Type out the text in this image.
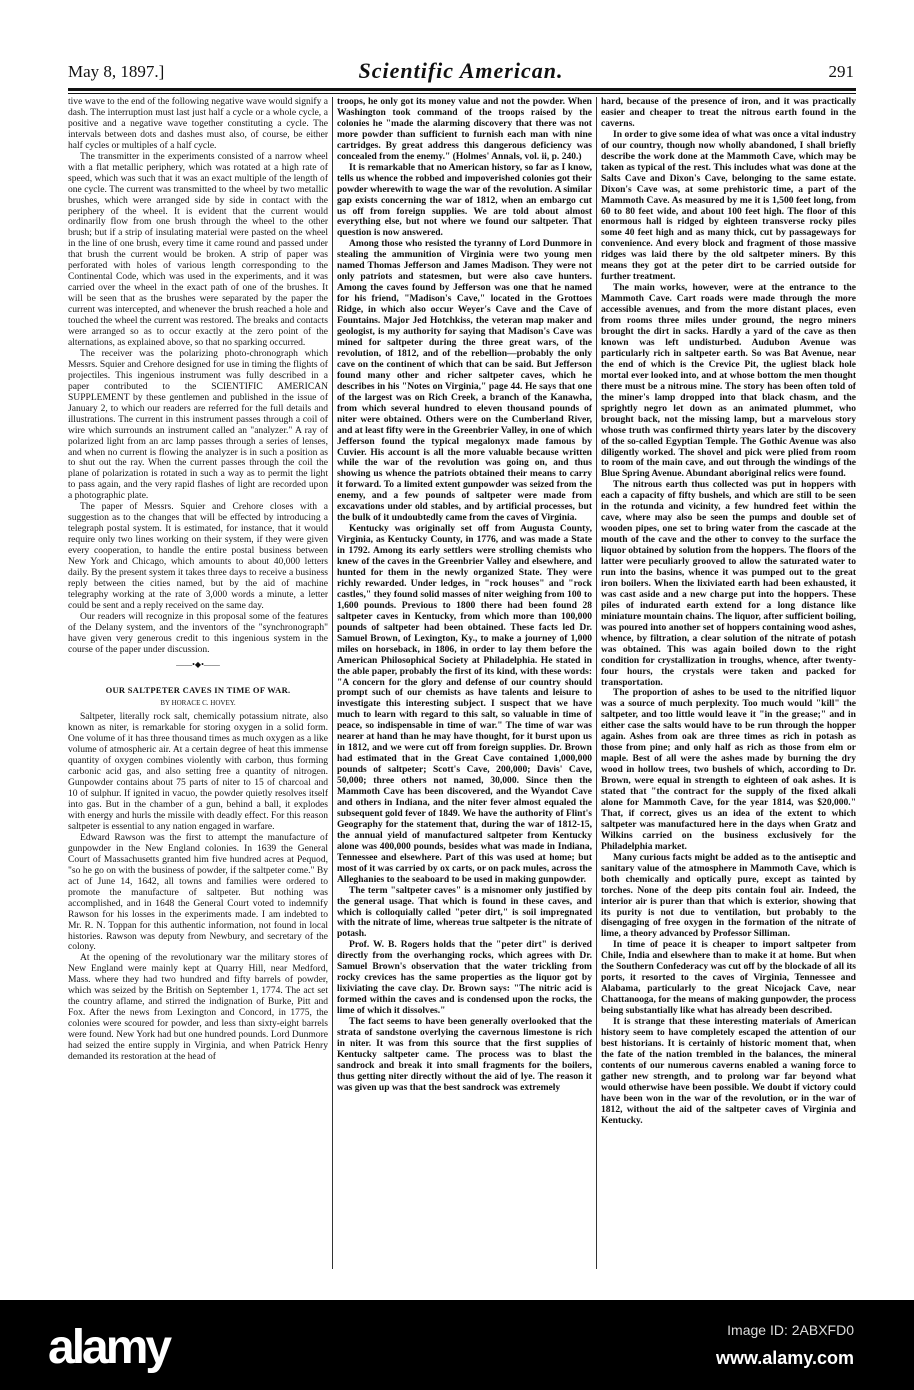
May 8, 1897.]	Scientific American.	291

tive wave to the end of the following negative wave would signify a dash. The interruption must last just half a cycle or a whole cycle, a positive and a negative wave together constituting a cycle. The intervals between dots and dashes must also, of course, be either half cycles or multiples of a half cycle.

The transmitter in the experiments consisted of a narrow wheel with a flat metallic periphery, which was rotated at a high rate of speed, which was such that it was an exact multiple of the length of one cycle. The current was transmitted to the wheel by two metallic brushes, which were arranged side by side in contact with the periphery of the wheel. It is evident that the current would ordinarily flow from one brush through the wheel to the other brush; but if a strip of insulating material were pasted on the wheel in the line of one brush, every time it came round and passed under that brush the current would be broken. A strip of paper was perforated with holes of various length corresponding to the Continental Code, which was used in the experiments, and it was carried over the wheel in the exact path of one of the brushes. It will be seen that as the brushes were separated by the paper the current was intercepted, and whenever the brush reached a hole and touched the wheel the current was restored. The breaks and contacts were arranged so as to occur exactly at the zero point of the alternations, as explained above, so that no sparking occurred.

The receiver was the polarizing photo-chronograph which Messrs. Squier and Crehore designed for use in timing the flights of projectiles. This ingenious instrument was fully described in a paper contributed to the SCIENTIFIC AMERICAN SUPPLEMENT by these gentlemen and published in the issue of January 2, to which our readers are referred for the full details and illustrations. The current in this instrument passes through a coil of wire which surrounds an instrument called an "analyzer." A ray of polarized light from an arc lamp passes through a series of lenses, and when no current is flowing the analyzer is in such a position as to shut out the ray. When the current passes through the coil the plane of polarization is rotated in such a way as to permit the light to pass again, and the very rapid flashes of light are recorded upon a photographic plate.

The paper of Messrs. Squier and Crehore closes with a suggestion as to the changes that will be effected by introducing a telegraph postal system. It is estimated, for instance, that it would require only two lines working on their system, if they were given every cooperation, to handle the entire postal business between New York and Chicago, which amounts to about 40,000 letters daily. By the present system it takes three days to receive a business reply between the cities named, but by the aid of machine telegraphy working at the rate of 3,000 words a minute, a letter could be sent and a reply received on the same day.

Our readers will recognize in this proposal some of the features of the Delany system, and the inventors of the "synchronograph" have given very generous credit to this ingenious system in the course of the paper under discussion.

——•◆•——
OUR SALTPETER CAVES IN TIME OF WAR.
BY HORACE C. HOVEY.

Saltpeter, literally rock salt, chemically potassium nitrate, also known as niter, is remarkable for storing oxygen in a solid form. One volume of it has three thousand times as much oxygen as a like volume of atmospheric air. At a certain degree of heat this immense quantity of oxygen combines violently with carbon, thus forming carbonic acid gas, and also setting free a quantity of nitrogen. Gunpowder contains about 75 parts of niter to 15 of charcoal and 10 of sulphur. If ignited in vacuo, the powder quietly resolves itself into gas. But in the chamber of a gun, behind a ball, it explodes with energy and hurls the missile with deadly effect. For this reason saltpeter is essential to any nation engaged in warfare.

Edward Rawson was the first to attempt the manufacture of gunpowder in the New England colonies. In 1639 the General Court of Massachusetts granted him five hundred acres at Pequod, "so he go on with the business of powder, if the saltpeter come." By act of June 14, 1642, all towns and families were ordered to promote the manufacture of saltpeter. But nothing was accomplished, and in 1648 the General Court voted to indemnify Rawson for his losses in the experiments made. I am indebted to Mr. R. N. Toppan for this authentic information, not found in local histories. Rawson was deputy from Newbury, and secretary of the colony.

At the opening of the revolutionary war the military stores of New England were mainly kept at Quarry Hill, near Medford, Mass. where they had two hundred and fifty barrels of powder, which was seized by the British on September 1, 1774. The act set the country aflame, and stirred the indignation of Burke, Pitt and Fox. After the news from Lexington and Concord, in 1775, the colonies were scoured for powder, and less than sixty-eight barrels were found. New York had but one hundred pounds. Lord Dunmore had seized the entire supply in Virginia, and when Patrick Henry demanded its restoration at the head of

troops, he only got its money value and not the powder. When Washington took command of the troops raised by the colonies he "made the alarming discovery that there was not more powder than sufficient to furnish each man with nine cartridges. By great address this dangerous deficiency was concealed from the enemy." (Holmes' Annals, vol. ii, p. 240.)

It is remarkable that no American history, so far as I know, tells us whence the robbed and impoverished colonies got their powder wherewith to wage the war of the revolution. A similar gap exists concerning the war of 1812, when an embargo cut us off from foreign supplies. We are told about almost everything else, but not where we found our saltpeter. That question is now answered.

Among those who resisted the tyranny of Lord Dunmore in stealing the ammunition of Virginia were two young men named Thomas Jefferson and James Madison. They were not only patriots and statesmen, but were also cave hunters. Among the caves found by Jefferson was one that he named for his friend, "Madison's Cave," located in the Grottoes Ridge, in which also occur Weyer's Cave and the Cave of Fountains. Major Jed Hotchkiss, the veteran map maker and geologist, is my authority for saying that Madison's Cave was mined for saltpeter during the three great wars, of the revolution, of 1812, and of the rebellion—probably the only cave on the continent of which that can be said. But Jefferson found many other and richer saltpeter caves, which he describes in his "Notes on Virginia," page 44. He says that one of the largest was on Rich Creek, a branch of the Kanawha, from which several hundred to eleven thousand pounds of niter were obtained. Others were on the Cumberland River, and at least fifty were in the Greenbrier Valley, in one of which Jefferson found the typical megalonyx made famous by Cuvier. His account is all the more valuable because written while the war of the revolution was going on, and thus showing us whence the patriots obtained their means to carry it forward. To a limited extent gunpowder was seized from the enemy, and a few pounds of saltpeter were made from excavations under old stables, and by artificial processes, but the bulk of it undoubtedly came from the caves of Virginia.

Kentucky was originally set off from Augusta County, Virginia, as Kentucky County, in 1776, and was made a State in 1792. Among its early settlers were strolling chemists who knew of the caves in the Greenbrier Valley and elsewhere, and hunted for them in the newly organized State. They were richly rewarded. Under ledges, in "rock houses" and "rock castles," they found solid masses of niter weighing from 100 to 1,600 pounds. Previous to 1800 there had been found 28 saltpeter caves in Kentucky, from which more than 100,000 pounds of saltpeter had been obtained. These facts led Dr. Samuel Brown, of Lexington, Ky., to make a journey of 1,000 miles on horseback, in 1806, in order to lay them before the American Philosophical Society at Philadelphia. He stated in the able paper, probably the first of its kind, with these words: "A concern for the glory and defense of our country should prompt such of our chemists as have talents and leisure to investigate this interesting subject. I suspect that we have much to learn with regard to this salt, so valuable in time of peace, so indispensable in time of war." The time of war was nearer at hand than he may have thought, for it burst upon us in 1812, and we were cut off from foreign supplies. Dr. Brown had estimated that in the Great Cave contained 1,000,000 pounds of saltpeter; Scott's Cave, 200,000; Davis' Cave, 50,000; three others not named, 30,000. Since then the Mammoth Cave has been discovered, and the Wyandot Cave and others in Indiana, and the niter fever almost equaled the subsequent gold fever of 1849. We have the authority of Flint's Geography for the statement that, during the war of 1812-15, the annual yield of manufactured saltpeter from Kentucky alone was 400,000 pounds, besides what was made in Indiana, Tennessee and elsewhere. Part of this was used at home; but most of it was carried by ox carts, or on pack mules, across the Alleghanies to the seaboard to be used in making gunpowder.

The term "saltpeter caves" is a misnomer only justified by the general usage. That which is found in these caves, and which is colloquially called "peter dirt," is soil impregnated with the nitrate of lime, whereas true saltpeter is the nitrate of potash.

Prof. W. B. Rogers holds that the "peter dirt" is derived directly from the overhanging rocks, which agrees with Dr. Samuel Brown's observation that the water trickling from rocky crevices has the same properties as the liquor got by lixiviating the cave clay. Dr. Brown says: "The nitric acid is formed within the caves and is condensed upon the rocks, the lime of which it dissolves."

The fact seems to have been generally overlooked that the strata of sandstone overlying the cavernous limestone is rich in niter. It was from this source that the first supplies of Kentucky saltpeter came. The process was to blast the sandrock and break it into small fragments for the boilers, thus getting niter directly without the aid of lye. The reason it was given up was that the best sandrock was extremely

hard, because of the presence of iron, and it was practically easier and cheaper to treat the nitrous earth found in the caverns.

In order to give some idea of what was once a vital industry of our country, though now wholly abandoned, I shall briefly describe the work done at the Mammoth Cave, which may be taken as typical of the rest. This includes what was done at the Salts Cave and Dixon's Cave, belonging to the same estate. Dixon's Cave was, at some prehistoric time, a part of the Mammoth Cave. As measured by me it is 1,500 feet long, from 60 to 80 feet wide, and about 100 feet high. The floor of this enormous hall is ridged by eighteen transverse rocky piles some 40 feet high and as many thick, cut by passageways for convenience. And every block and fragment of those massive ridges was laid there by the old saltpeter miners. By this means they got at the peter dirt to be carried outside for further treatment.

The main works, however, were at the entrance to the Mammoth Cave. Cart roads were made through the more accessible avenues, and from the more distant places, even from rooms three miles under ground, the negro miners brought the dirt in sacks. Hardly a yard of the cave as then known was left undisturbed. Audubon Avenue was particularly rich in saltpeter earth. So was Bat Avenue, near the end of which is the Crevice Pit, the ugliest black hole mortal ever looked into, and at whose bottom the men thought there must be a nitrous mine. The story has been often told of the miner's lamp dropped into that black chasm, and the sprightly negro let down as an animated plummet, who brought back, not the missing lamp, but a marvelous story whose truth was confirmed thirty years later by the discovery of the so-called Egyptian Temple. The Gothic Avenue was also diligently worked. The shovel and pick were plied from room to room of the main cave, and out through the windings of the Blue Spring Avenue. Abundant aboriginal relics were found.

The nitrous earth thus collected was put in hoppers with each a capacity of fifty bushels, and which are still to be seen in the rotunda and vicinity, a few hundred feet within the cave, where may also be seen the pumps and double set of wooden pipes, one set to bring water from the cascade at the mouth of the cave and the other to convey to the surface the liquor obtained by solution from the hoppers. The floors of the latter were peculiarly grooved to allow the saturated water to run into the basins, whence it was pumped out to the great iron boilers. When the lixiviated earth had been exhausted, it was cast aside and a new charge put into the hoppers. These piles of indurated earth extend for a long distance like miniature mountain chains. The liquor, after sufficient boiling, was poured into another set of hoppers containing wood ashes, whence, by filtration, a clear solution of the nitrate of potash was obtained. This was again boiled down to the right condition for crystallization in troughs, whence, after twenty-four hours, the crystals were taken and packed for transportation.

The proportion of ashes to be used to the nitrified liquor was a source of much perplexity. Too much would "kill" the saltpeter, and too little would leave it "in the grease;" and in either case the salts would have to be run through the hopper again. Ashes from oak are three times as rich in potash as those from pine; and only half as rich as those from elm or maple. Best of all were the ashes made by burning the dry wood in hollow trees, two bushels of which, according to Dr. Brown, were equal in strength to eighteen of oak ashes. It is stated that "the contract for the supply of the fixed alkali alone for Mammoth Cave, for the year 1814, was $20,000." That, if correct, gives us an idea of the extent to which saltpeter was manufactured here in the days when Gratz and Wilkins carried on the business exclusively for the Philadelphia market.

Many curious facts might be added as to the antiseptic and sanitary value of the atmosphere in Mammoth Cave, which is both chemically and optically pure, except as tainted by torches. None of the deep pits contain foul air. Indeed, the interior air is purer than that which is exterior, showing that its purity is not due to ventilation, but probably to the disengaging of free oxygen in the formation of the nitrate of lime, a theory advanced by Professor Silliman.

In time of peace it is cheaper to import saltpeter from Chile, India and elsewhere than to make it at home. But when the Southern Confederacy was cut off by the blockade of all its ports, it resorted to the caves of Virginia, Tennessee and Alabama, particularly to the great Nicojack Cave, near Chattanooga, for the means of making gunpowder, the process being substantially like what has already been described.

It is strange that these interesting materials of American history seem to have completely escaped the attention of our best historians. It is certainly of historic moment that, when the fate of the nation trembled in the balances, the mineral contents of our numerous caverns enabled a waning force to gather new strength, and to prolong war far beyond what would otherwise have been possible. We doubt if victory could have been won in the war of the revolution, or in the war of 1812, without the aid of the saltpeter caves of Virginia and Kentucky.

alamy	Image ID: 2ABXFD0
www.alamy.com
